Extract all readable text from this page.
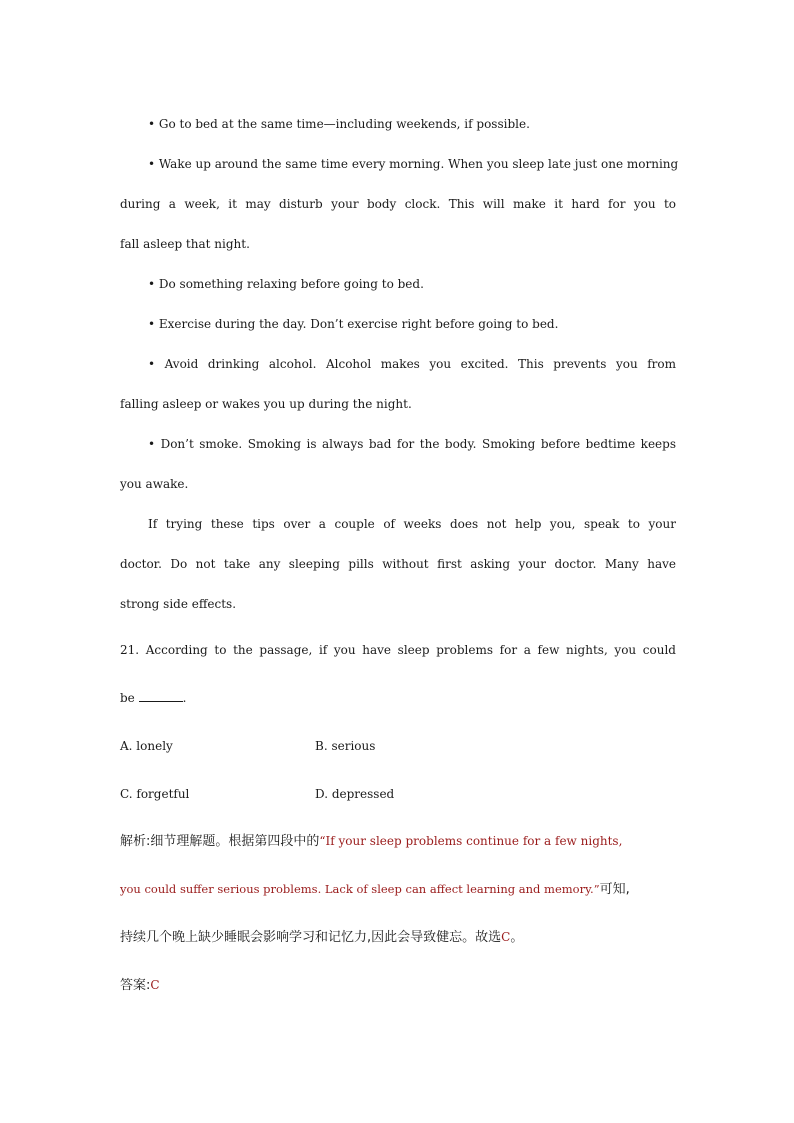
• Go to bed at the same time—including weekends, if possible.
• Wake up around the same time every morning. When you sleep late just one morning
during a week, it may disturb your body clock. This will make it hard for you to
fall asleep that night.
• Do something relaxing before going to bed.
• Exercise during the day. Don’t exercise right before going to bed.
• Avoid drinking alcohol. Alcohol makes you excited. This prevents you from
falling asleep or wakes you up during the night.
• Don’t smoke. Smoking is always bad for the body. Smoking before bedtime keeps
you awake.
If trying these tips over a couple of weeks does not help you, speak to your
doctor. Do not take any sleeping pills without first asking your doctor. Many have
strong side effects.
21. According to the passage, if you have sleep problems for a few nights, you could
be	.
A. lonely	B. serious
C. forgetful	D. depressed
解析:细节理解题。根据第四段中的“If your sleep problems continue for a few nights,
you could suffer serious problems. Lack of sleep can affect learning and memory.”可知,
持续几个晚上缺少睡眠会影响学习和记忆力,因此会导致健忘。故选C。
答案:C
